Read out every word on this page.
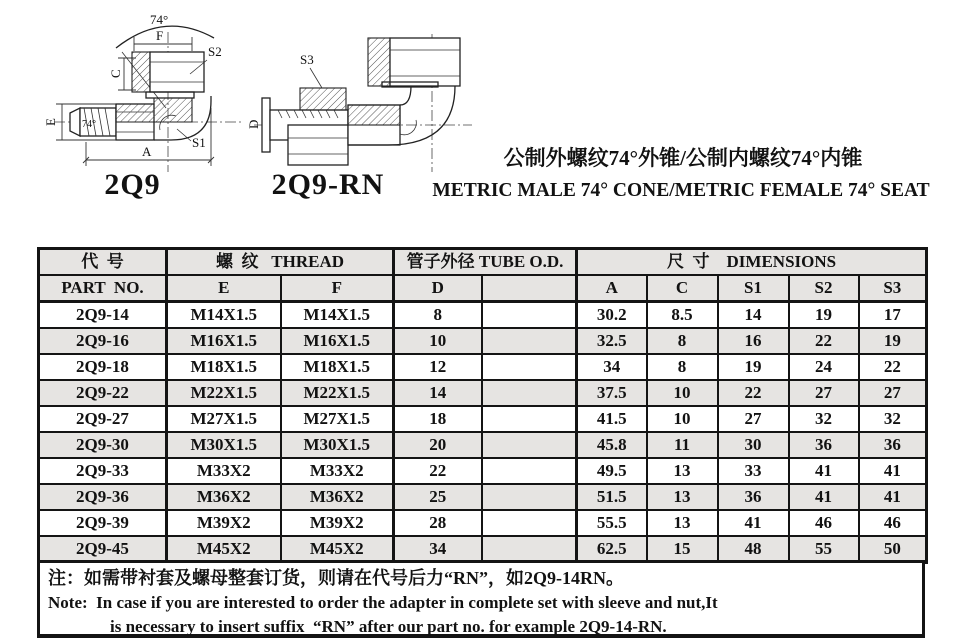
74°
F
C
S2
S1
E 74°
A
D
S3
2Q9	2Q9-RN
公制外螺纹74°外锥/公制内螺纹74°内锥
METRIC MALE 74° CONE/METRIC FEMALE 74° SEAT
代  号	螺  纹   THREAD		管子外径 TUBE O.D.		尺  寸    DIMENSIONS				
PART  NO.	E	F	D		A	C	S1	S2	S3
2Q9-14	M14X1.5	M14X1.5	8		30.2	8.5	14	19	17
2Q9-16	M16X1.5	M16X1.5	10		32.5	8	16	22	19
2Q9-18	M18X1.5	M18X1.5	12		34	8	19	24	22
2Q9-22	M22X1.5	M22X1.5	14		37.5	10	22	27	27
2Q9-27	M27X1.5	M27X1.5	18		41.5	10	27	32	32
2Q9-30	M30X1.5	M30X1.5	20		45.8	11	30	36	36
2Q9-33	M33X2	M33X2	22		49.5	13	33	41	41
2Q9-36	M36X2	M36X2	25		51.5	13	36	41	41
2Q9-39	M39X2	M39X2	28		55.5	13	41	46	46
2Q9-45	M45X2	M45X2	34		62.5	15	48	55	50
注：如需带衬套及螺母整套订货，则请在代号后力“RN”，如2Q9-14RN。
Note:  In case if you are interested to order the adapter in complete set with sleeve and nut,It
is necessary to insert suffix  “RN” after our part no. for example 2Q9-14-RN.
